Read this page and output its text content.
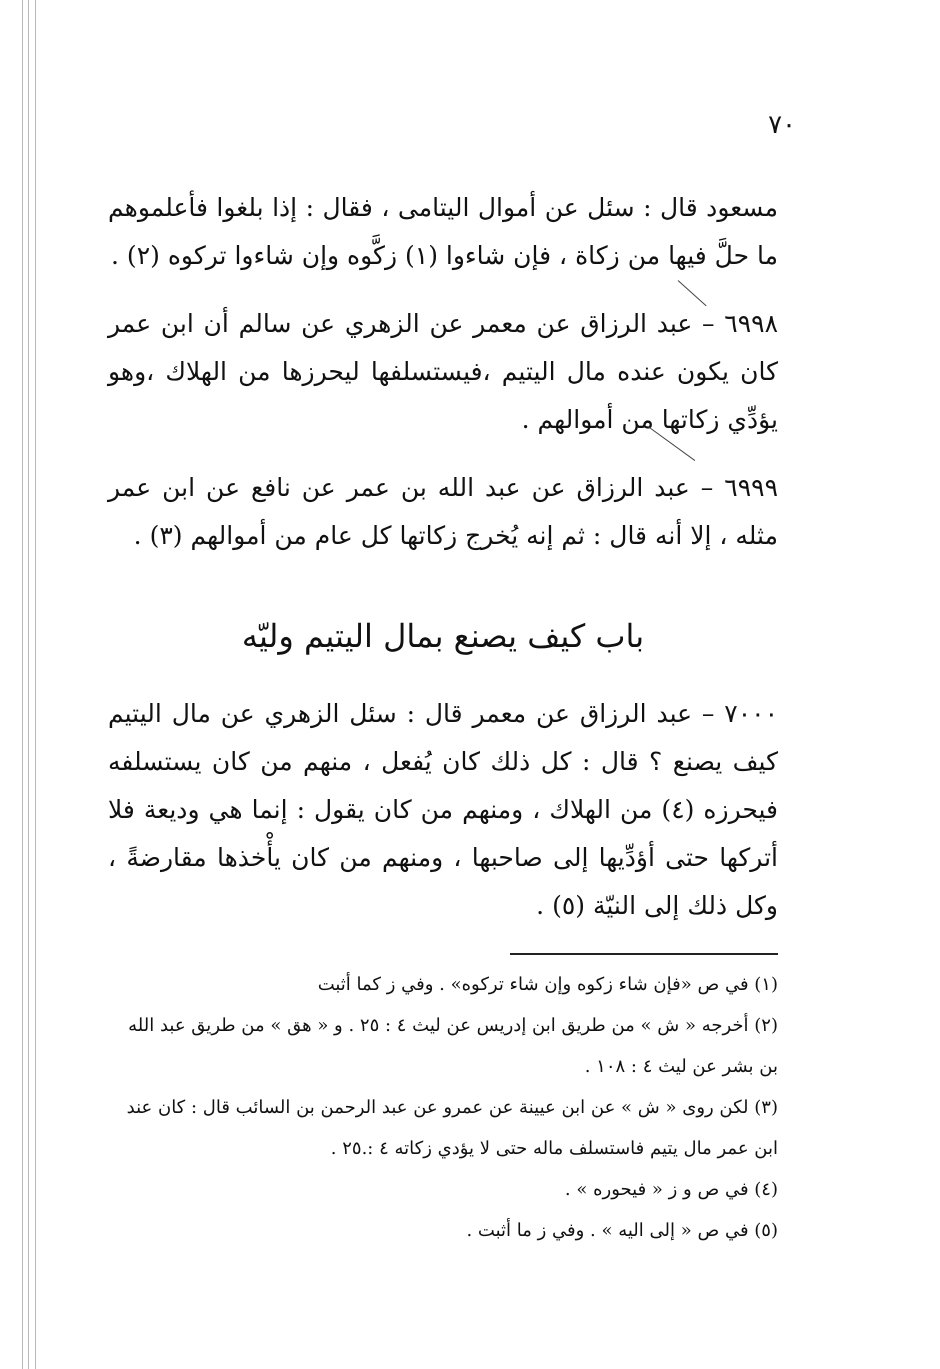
٧٠

مسعود قال : سئل عن أموال اليتامى ، فقال : إذا بلغوا فأعلموهم ما حلَّ فيها من زكاة ، فإن شاءوا (١) زكَّوه وإن شاءوا تركوه (٢) .

٦٩٩٨ – عبد الرزاق عن معمر عن الزهري عن سالم أن ابن عمر كان يكون عنده مال اليتيم ،فيستسلفها ليحرزها من الهلاك ،وهو يؤدِّي زكاتها من أموالهم .

٦٩٩٩ – عبد الرزاق عن عبد الله بن عمر عن نافع عن ابن عمر مثله ، إلا أنه قال : ثم إنه يُخرج زكاتها كل عام من أموالهم (٣) .

باب كيف يصنع بمال اليتيم وليّه

٧٠٠٠ – عبد الرزاق عن معمر قال : سئل الزهري عن مال اليتيم كيف يصنع ؟ قال : كل ذلك كان يُفعل ، منهم من كان يستسلفه فيحرزه (٤) من الهلاك ، ومنهم من كان يقول : إنما هي وديعة فلا أتركها حتى أؤدِّيها إلى صاحبها ، ومنهم من كان يأْخذها مقارضةً ، وكل ذلك إلى النيّة (٥) .

(١) في ص «فإن شاء زكوه وإن شاء تركوه» . وفي ز كما أثبت

(٢) أخرجه « ش » من طريق ابن إدريس عن ليث ٤ : ٢٥ . و « هق » من طريق عبد الله بن بشر عن ليث ٤ : ١٠٨ .

(٣) لكن روى « ش » عن ابن عيينة عن عمرو عن عبد الرحمن بن السائب قال : كان عند ابن عمر مال يتيم فاستسلف ماله حتى لا يؤدي زكاته ٤ :.٢٥ .

(٤) في ص و ز « فيحوره » .

(٥) في ص « إلى اليه » . وفي ز ما أثبت .
